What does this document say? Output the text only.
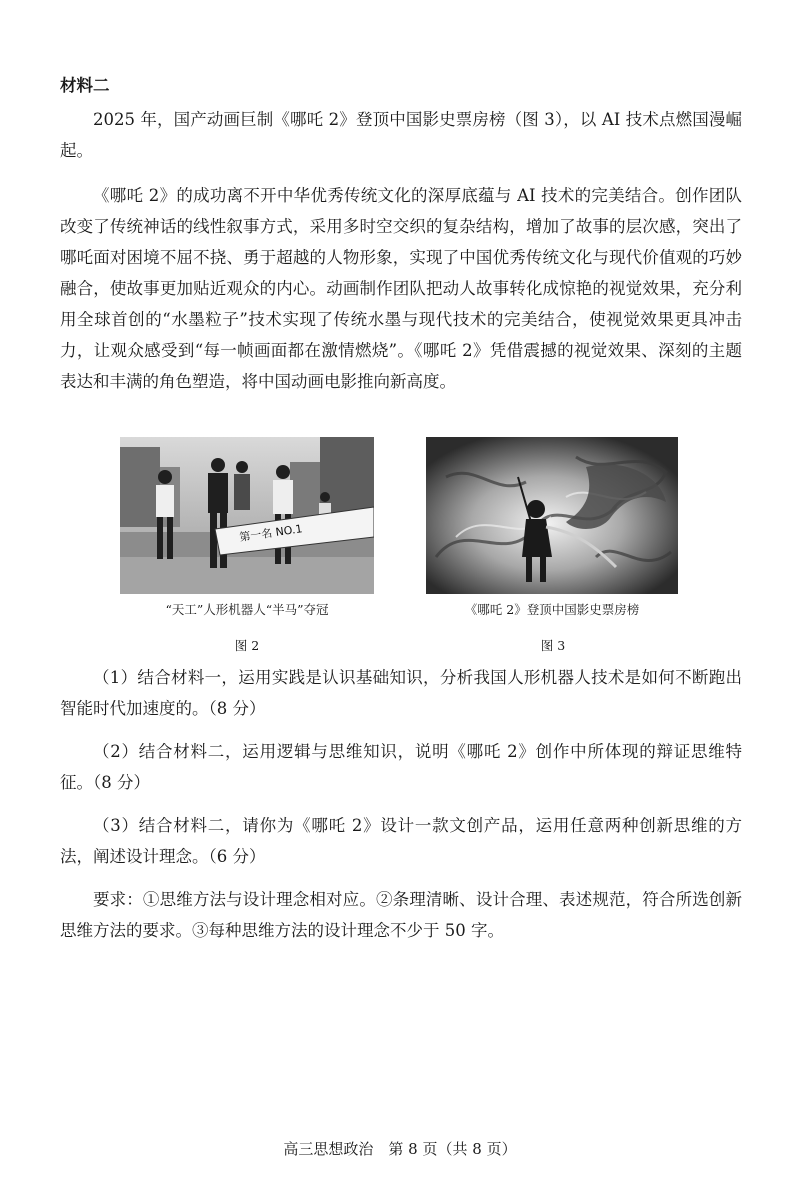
材料二

2025 年，国产动画巨制《哪吒 2》登顶中国影史票房榜（图 3），以 AI 技术点燃国漫崛起。

《哪吒 2》的成功离不开中华优秀传统文化的深厚底蕴与 AI 技术的完美结合。创作团队改变了传统神话的线性叙事方式，采用多时空交织的复杂结构，增加了故事的层次感，突出了哪吒面对困境不屈不挠、勇于超越的人物形象，实现了中国优秀传统文化与现代价值观的巧妙融合，使故事更加贴近观众的内心。动画制作团队把动人故事转化成惊艳的视觉效果，充分利用全球首创的“水墨粒子”技术实现了传统水墨与现代技术的完美结合，使视觉效果更具冲击力，让观众感受到“每一帧画面都在激情燃烧”。《哪吒 2》凭借震撼的视觉效果、深刻的主题表达和丰满的角色塑造，将中国动画电影推向新高度。

第一名 NO.1
“天工”人形机器人“半马”夺冠	《哪吒 2》登顶中国影史票房榜
图 2	图 3

（1）结合材料一，运用实践是认识基础知识，分析我国人形机器人技术是如何不断跑出智能时代加速度的。（8 分）

（2）结合材料二，运用逻辑与思维知识，说明《哪吒 2》创作中所体现的辩证思维特征。（8 分）

（3）结合材料二，请你为《哪吒 2》设计一款文创产品，运用任意两种创新思维的方法，阐述设计理念。（6 分）

要求：①思维方法与设计理念相对应。②条理清晰、设计合理、表述规范，符合所选创新思维方法的要求。③每种思维方法的设计理念不少于 50 字。

高三思想政治　第 8 页（共 8 页）
